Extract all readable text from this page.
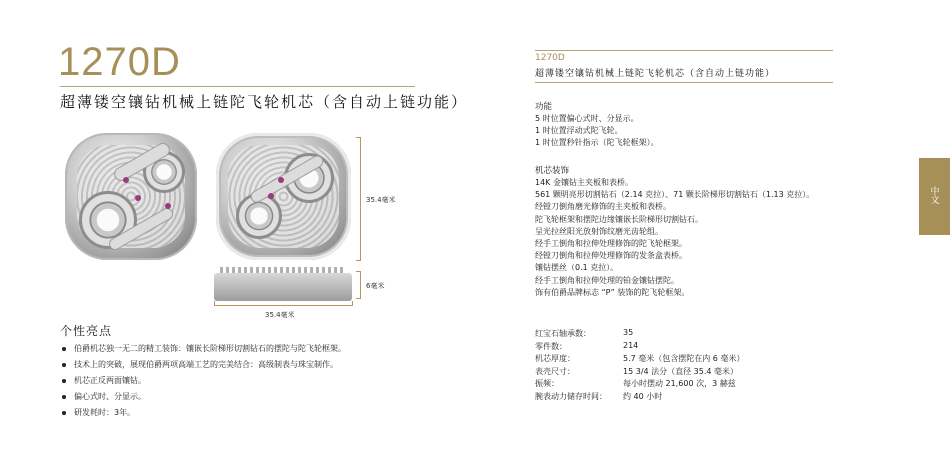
1270D
超薄镂空镶钻机械上链陀飞轮机芯（含自动上链功能）
35.4毫米
6毫米
35.4毫米
个性亮点
伯爵机芯独一无二的精工装饰：镶嵌长阶梯形切割钻石的摆陀与陀飞轮框架。
技术上的突破，展现伯爵两项高端工艺的完美结合：高级制表与珠宝制作。
机芯正反两面镶钻。
偏心式时、分显示。
研发耗时：3年。
1270D
超薄镂空镶钻机械上链陀飞轮机芯（含自动上链功能）
功能
5 时位置偏心式时、分显示。
1 时位置浮动式陀飞轮。
1 时位置秒针指示（陀飞轮框架）。
机芯装饰
14K 金镶钻主夹板和表桥。
561 颗明亮形切割钻石（2.14 克拉）、71 颗长阶梯形切割钻石（1.13 克拉）。
经镗刀倒角磨光修饰的主夹板和表桥。
陀飞轮框架和摆陀边缘镶嵌长阶梯形切割钻石。
呈光拉丝阳光放射饰纹磨光齿轮组。
经手工倒角和拉伸处理修饰的陀飞轮框架。
经镗刀倒角和拉伸处理修饰的发条盒表桥。
镶钻摆丝（0.1 克拉）。
经手工倒角和拉伸处理的铂金镶钻摆陀。
饰有伯爵品牌标志 “P” 装饰的陀飞轮框架。
红宝石轴承数：	35
零件数：	214
机芯厚度：	5.7 毫米（包含摆陀在内 6 毫米）
表壳尺寸：	15 3/4 法分（直径 35.4 毫米）
振频：	每小时摆动 21,600 次，3 赫兹
腕表动力储存时间：	约 40 小时
中文
